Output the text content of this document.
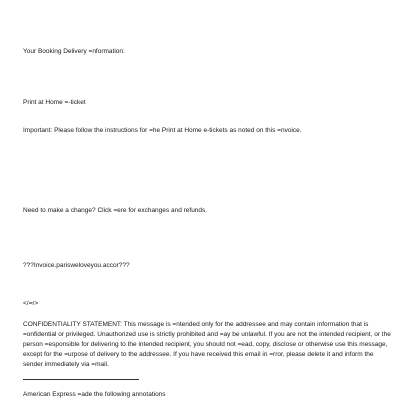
Your Booking Delivery =nformation:
Print at Home =-ticket
Important: Please follow the instructions for =he Print at Home e-tickets as noted on this =nvoice.
Need to make a change? Click =ere for exchanges and refunds.
???Invoice.parisweloveyou.accor???
</=r>
CONFIDENTIALITY STATEMENT: This message is =ntended only for the addressee and may contain information that is =onfidential or privileged. Unauthorized use is strictly prohibited and =ay be unlawful. If you are not the intended recipient, or the person =esponsible for delivering to the intended recipient, you should not =ead, copy, disclose or otherwise use this message, except for the =urpose of delivery to the addressee. If you have received this email in =rror, please delete it and inform the sender immediately via =mail.
American Express =ade the following annotations
